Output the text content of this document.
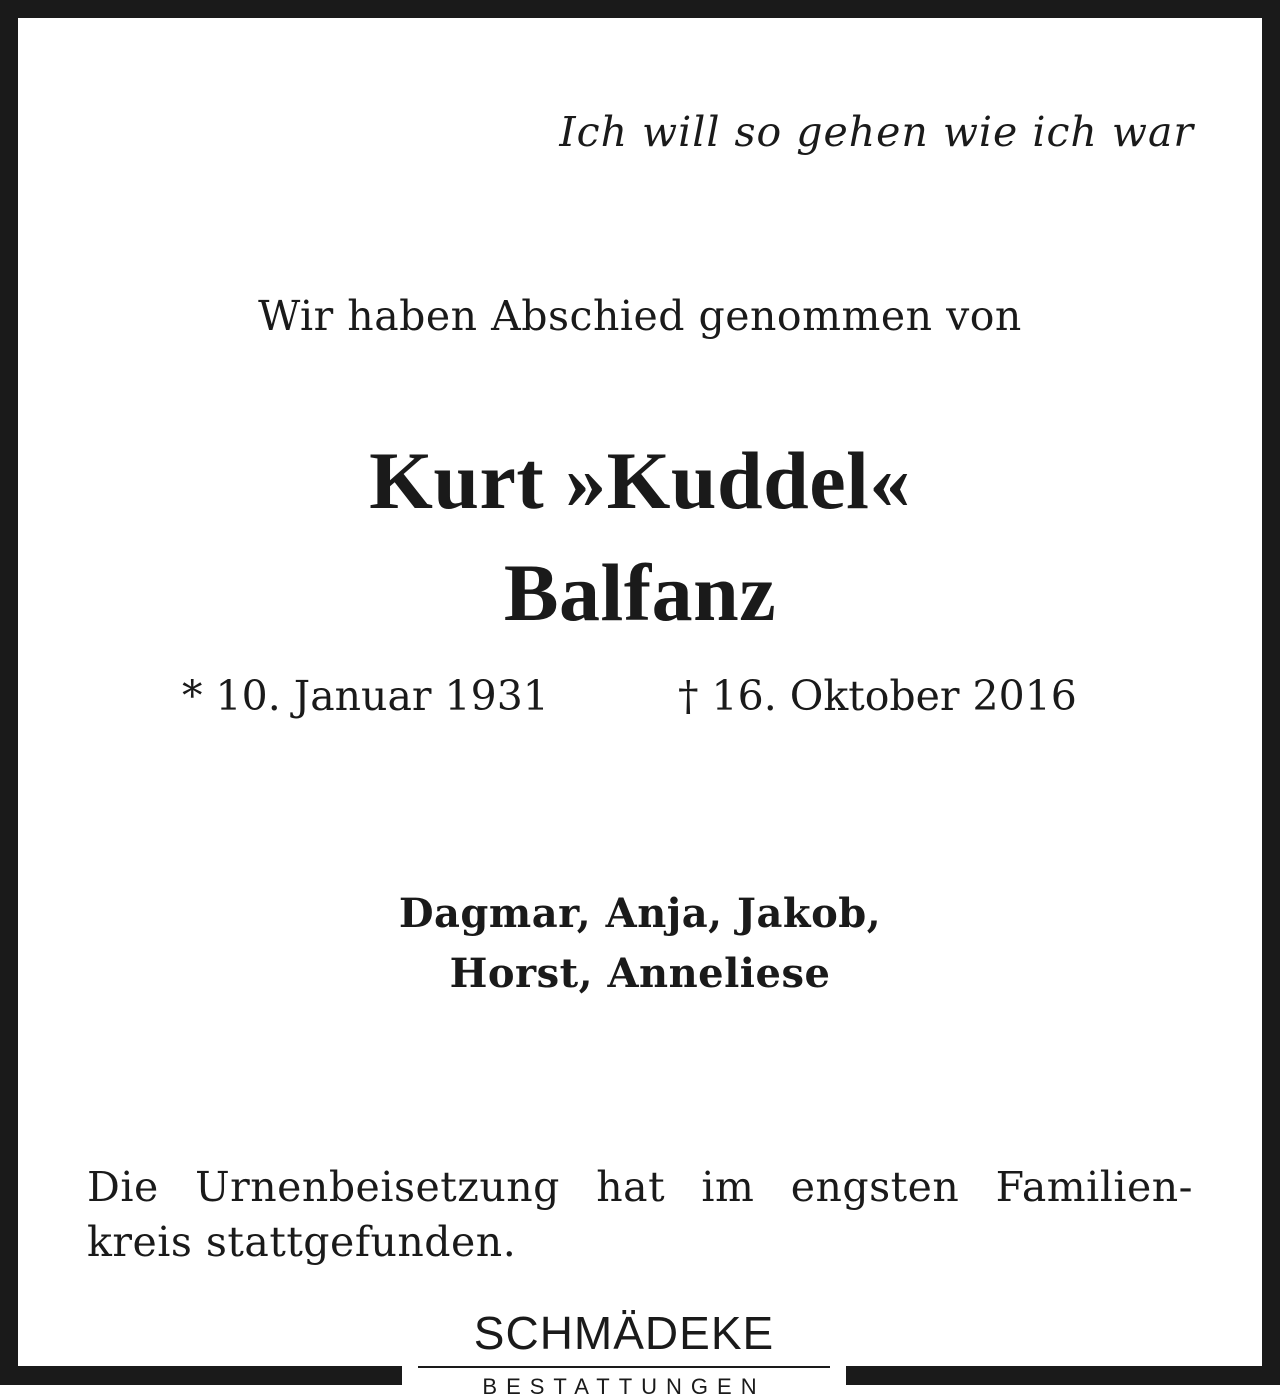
Ich will so gehen wie ich war
Wir haben Abschied genommen von
Kurt »Kuddel«
Balfanz
* 10. Januar 1931	† 16. Oktober 2016
Dagmar, Anja, Jakob,
Horst, Anneliese
Die Urnenbeisetzung hat im engsten Familien-
kreis stattgefunden.
SCHMÄDEKE
BESTATTUNGEN
